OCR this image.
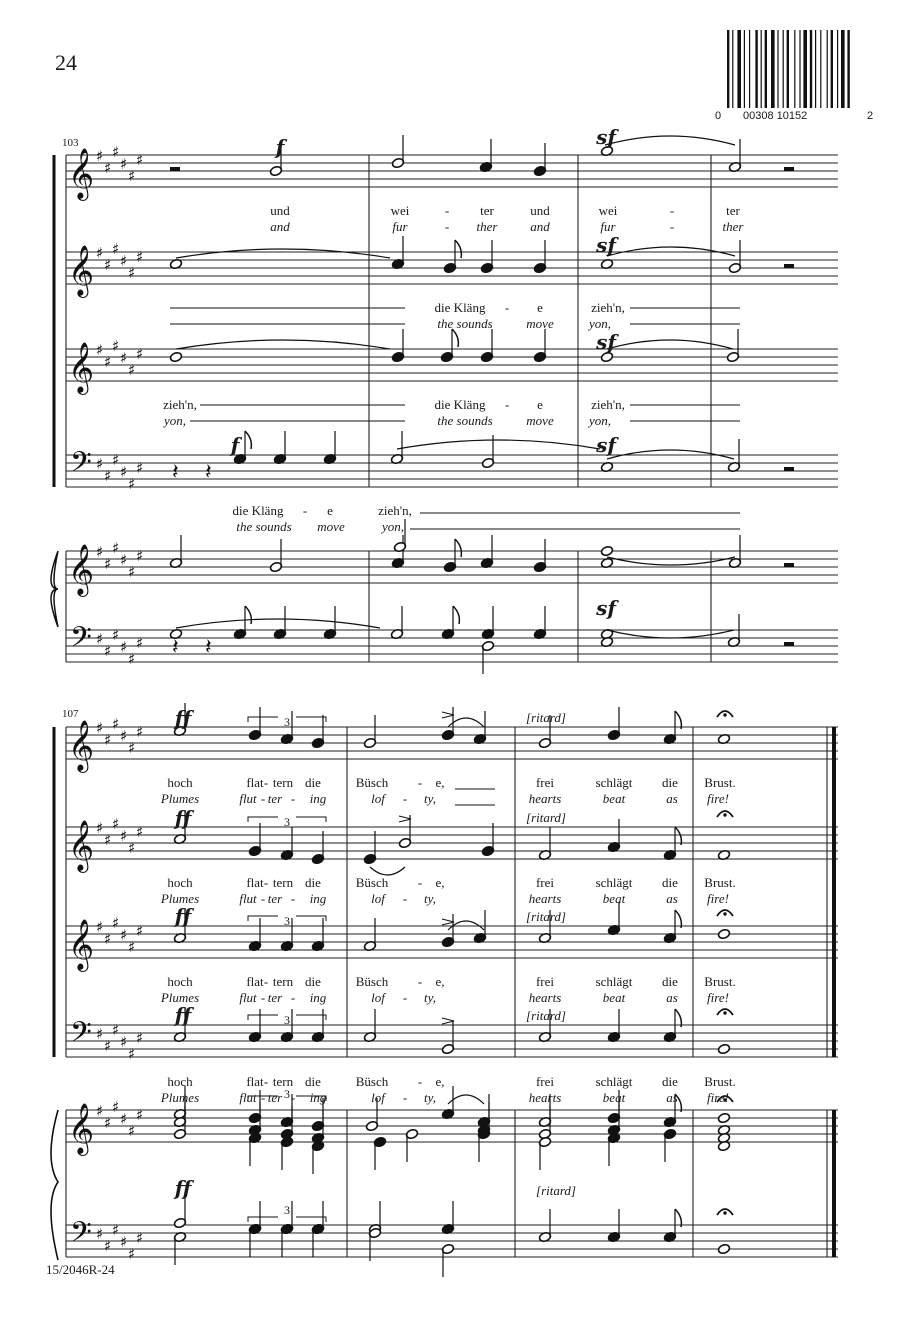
24
0 00308 10152	2
𝄞 ♯
♯
♯
♯
♯
♯
𝄞 ♯
♯
♯
♯
♯
♯
𝄞 ♯
♯
♯
♯
♯
♯
𝄢 ♯
♯
♯
♯
♯
♯
𝄞 ♯
♯
♯
♯
♯
♯
𝄢 ♯
♯
♯
♯
♯
♯
𝄽 𝄽
𝄽 𝄽
𝄞 ♯
♯
♯
♯
♯
♯
𝄞 ♯
♯
♯
♯
♯
♯
𝄞 ♯
♯
♯
♯
♯
♯
𝄢 ♯
♯
♯
♯
♯
♯
𝄞 ♯
♯
♯
♯
♯
♯
𝄢 ♯
♯
♯
♯
♯
♯
103
107
f	sf
sf
sf
f	sf
sf
und	wei	- ter	und	wei	-	ter
and	fur	- ther	and	fur	-	ther
die Kläng - e	zieh'n,
the sounds	move	yon,
zieh'n,	die Kläng - e	zieh'n,
yon,	the sounds	move	yon,
die Kläng - e	zieh'n,
the sounds move	yon,
ff
ff
ff
ff
ff
[ritard]
[ritard]
[ritard]
[ritard]
[ritard]
3
3
3
3
3
3
hoch	flat - tern die	Büsch - e,	frei	schlägt die Brust.
Plumes	flut - ter - ing	lof - ty,	hearts	beat	as fire!
hoch	flat - tern die	Büsch - e,	frei	schlägt die Brust.
Plumes	flut - ter - ing	lof - ty,	hearts	beat	as fire!
hoch	flat - tern die	Büsch - e,	frei	schlägt die Brust.
Plumes	flut - ter - ing	lof - ty,	hearts	beat	as fire!
hoch	flat - tern die	Büsch - e,	frei	schlägt die Brust.
Plumes	flut - ter - ing	lof - ty,	hearts	beat	as fire!
15/2046R-24
